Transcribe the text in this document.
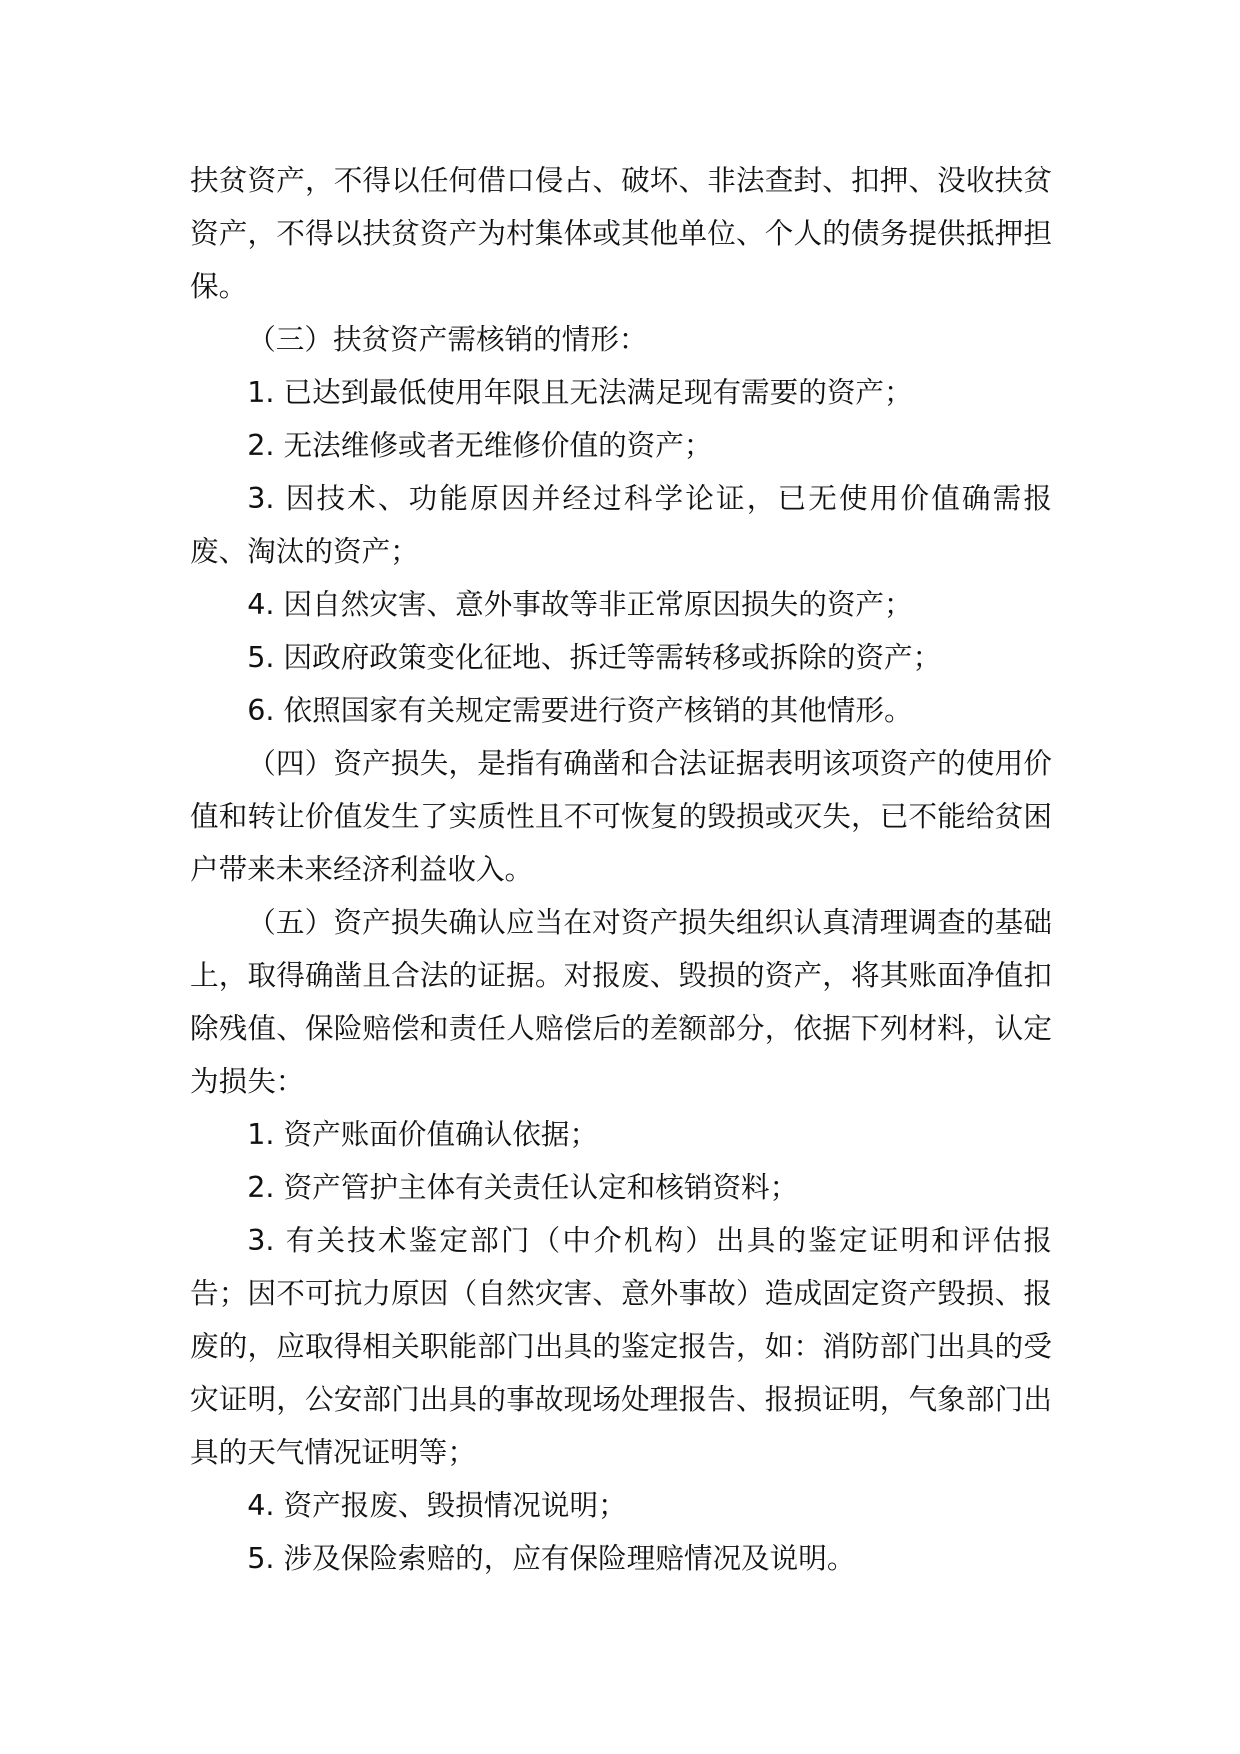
扶贫资产，不得以任何借口侵占、破坏、非法查封、扣押、没收扶贫资产，不得以扶贫资产为村集体或其他单位、个人的债务提供抵押担保。

（三）扶贫资产需核销的情形：

1. 已达到最低使用年限且无法满足现有需要的资产；

2. 无法维修或者无维修价值的资产；

3. 因技术、功能原因并经过科学论证，已无使用价值确需报废、淘汰的资产；

4. 因自然灾害、意外事故等非正常原因损失的资产；

5. 因政府政策变化征地、拆迁等需转移或拆除的资产；

6. 依照国家有关规定需要进行资产核销的其他情形。

（四）资产损失，是指有确凿和合法证据表明该项资产的使用价值和转让价值发生了实质性且不可恢复的毁损或灭失，已不能给贫困户带来未来经济利益收入。

（五）资产损失确认应当在对资产损失组织认真清理调查的基础上，取得确凿且合法的证据。对报废、毁损的资产，将其账面净值扣除残值、保险赔偿和责任人赔偿后的差额部分，依据下列材料，认定为损失：

1. 资产账面价值确认依据；

2. 资产管护主体有关责任认定和核销资料；

3. 有关技术鉴定部门（中介机构）出具的鉴定证明和评估报告；因不可抗力原因（自然灾害、意外事故）造成固定资产毁损、报废的，应取得相关职能部门出具的鉴定报告，如：消防部门出具的受灾证明，公安部门出具的事故现场处理报告、报损证明，气象部门出具的天气情况证明等；

4. 资产报废、毁损情况说明；

5. 涉及保险索赔的，应有保险理赔情况及说明。
